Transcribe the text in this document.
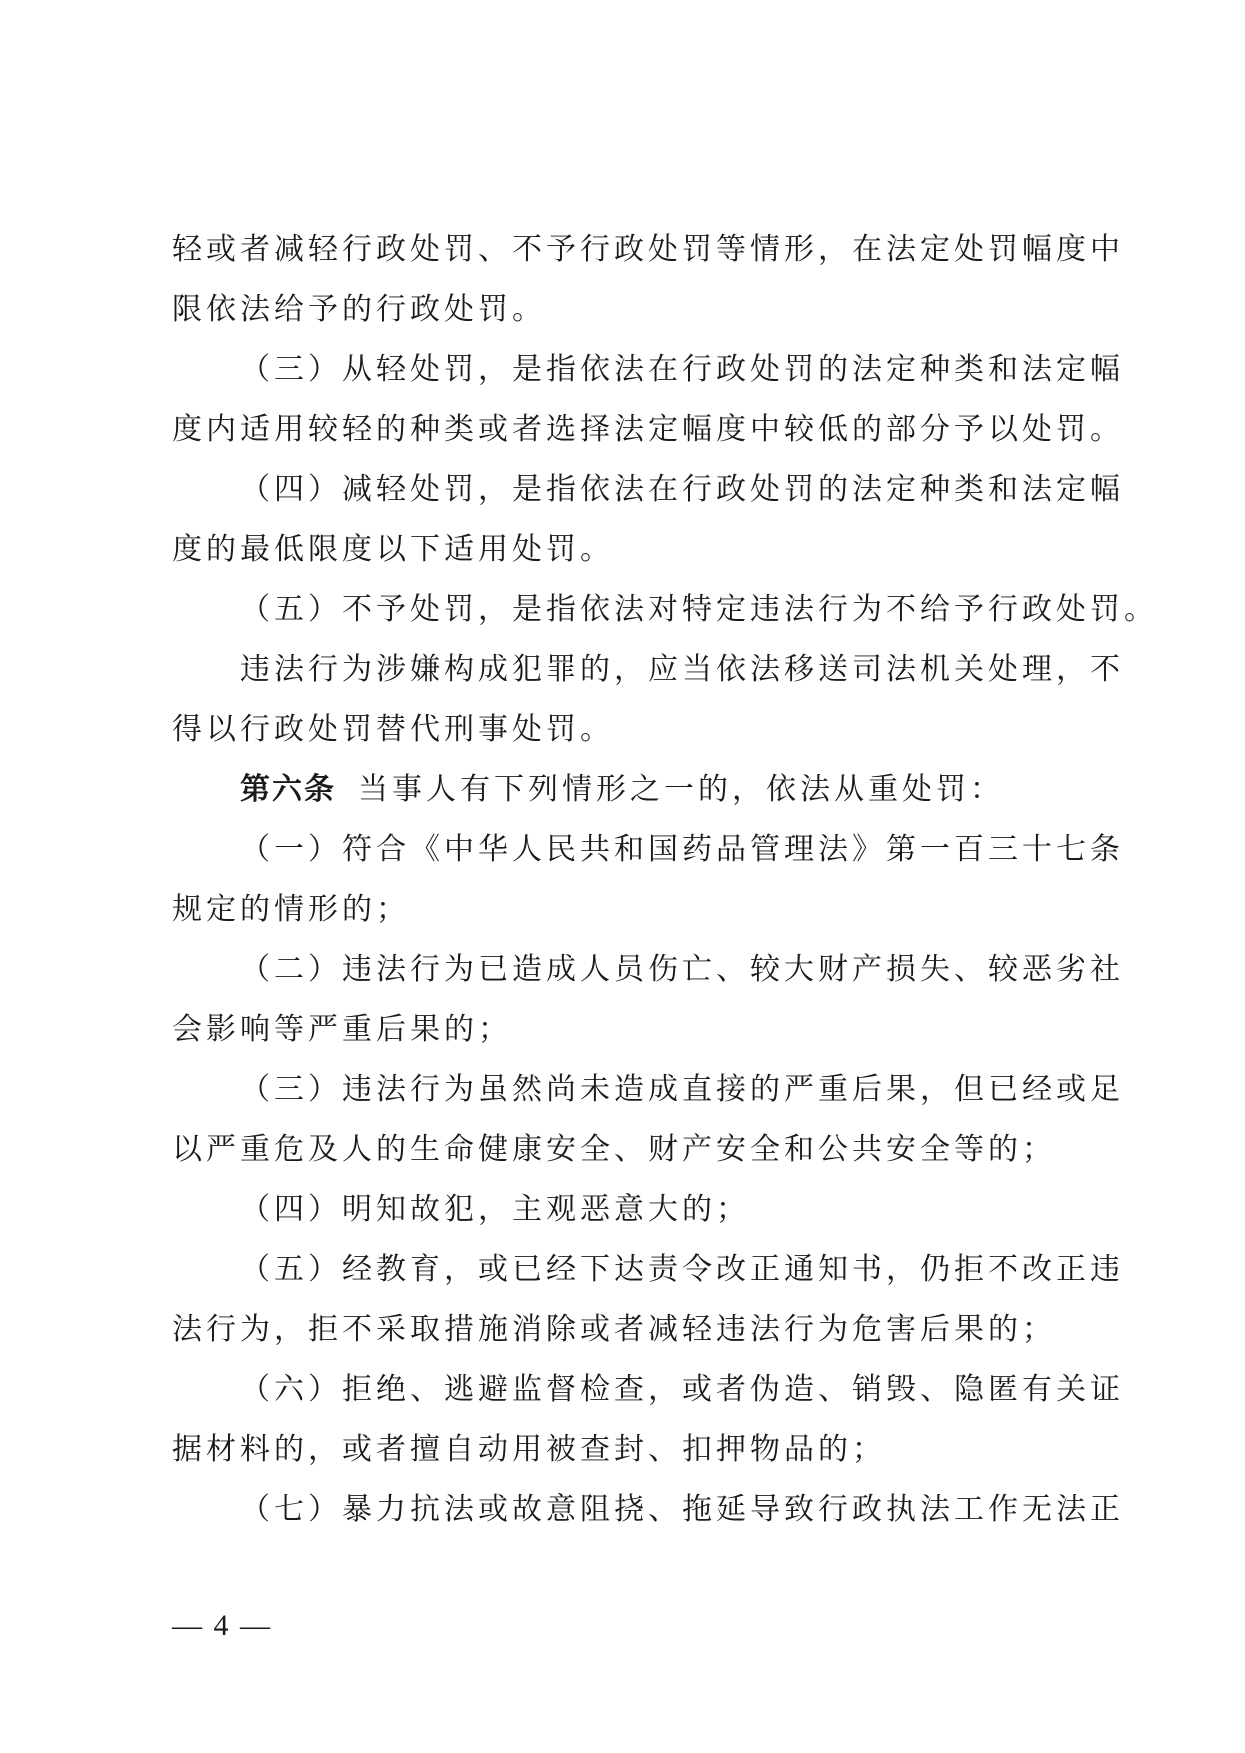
轻或者减轻行政处罚、不予行政处罚等情形，在法定处罚幅度中
限依法给予的行政处罚。
（三）从轻处罚，是指依法在行政处罚的法定种类和法定幅
度内适用较轻的种类或者选择法定幅度中较低的部分予以处罚。
（四）减轻处罚，是指依法在行政处罚的法定种类和法定幅
度的最低限度以下适用处罚。
（五）不予处罚，是指依法对特定违法行为不给予行政处罚。
违法行为涉嫌构成犯罪的，应当依法移送司法机关处理，不
得以行政处罚替代刑事处罚。
第六条 当事人有下列情形之一的，依法从重处罚：
（一）符合《中华人民共和国药品管理法》第一百三十七条
规定的情形的；
（二）违法行为已造成人员伤亡、较大财产损失、较恶劣社
会影响等严重后果的；
（三）违法行为虽然尚未造成直接的严重后果，但已经或足
以严重危及人的生命健康安全、财产安全和公共安全等的；
（四）明知故犯，主观恶意大的；
（五）经教育，或已经下达责令改正通知书，仍拒不改正违
法行为，拒不采取措施消除或者减轻违法行为危害后果的；
（六）拒绝、逃避监督检查，或者伪造、销毁、隐匿有关证
据材料的，或者擅自动用被查封、扣押物品的；
（七）暴力抗法或故意阻挠、拖延导致行政执法工作无法正
— 4 —
